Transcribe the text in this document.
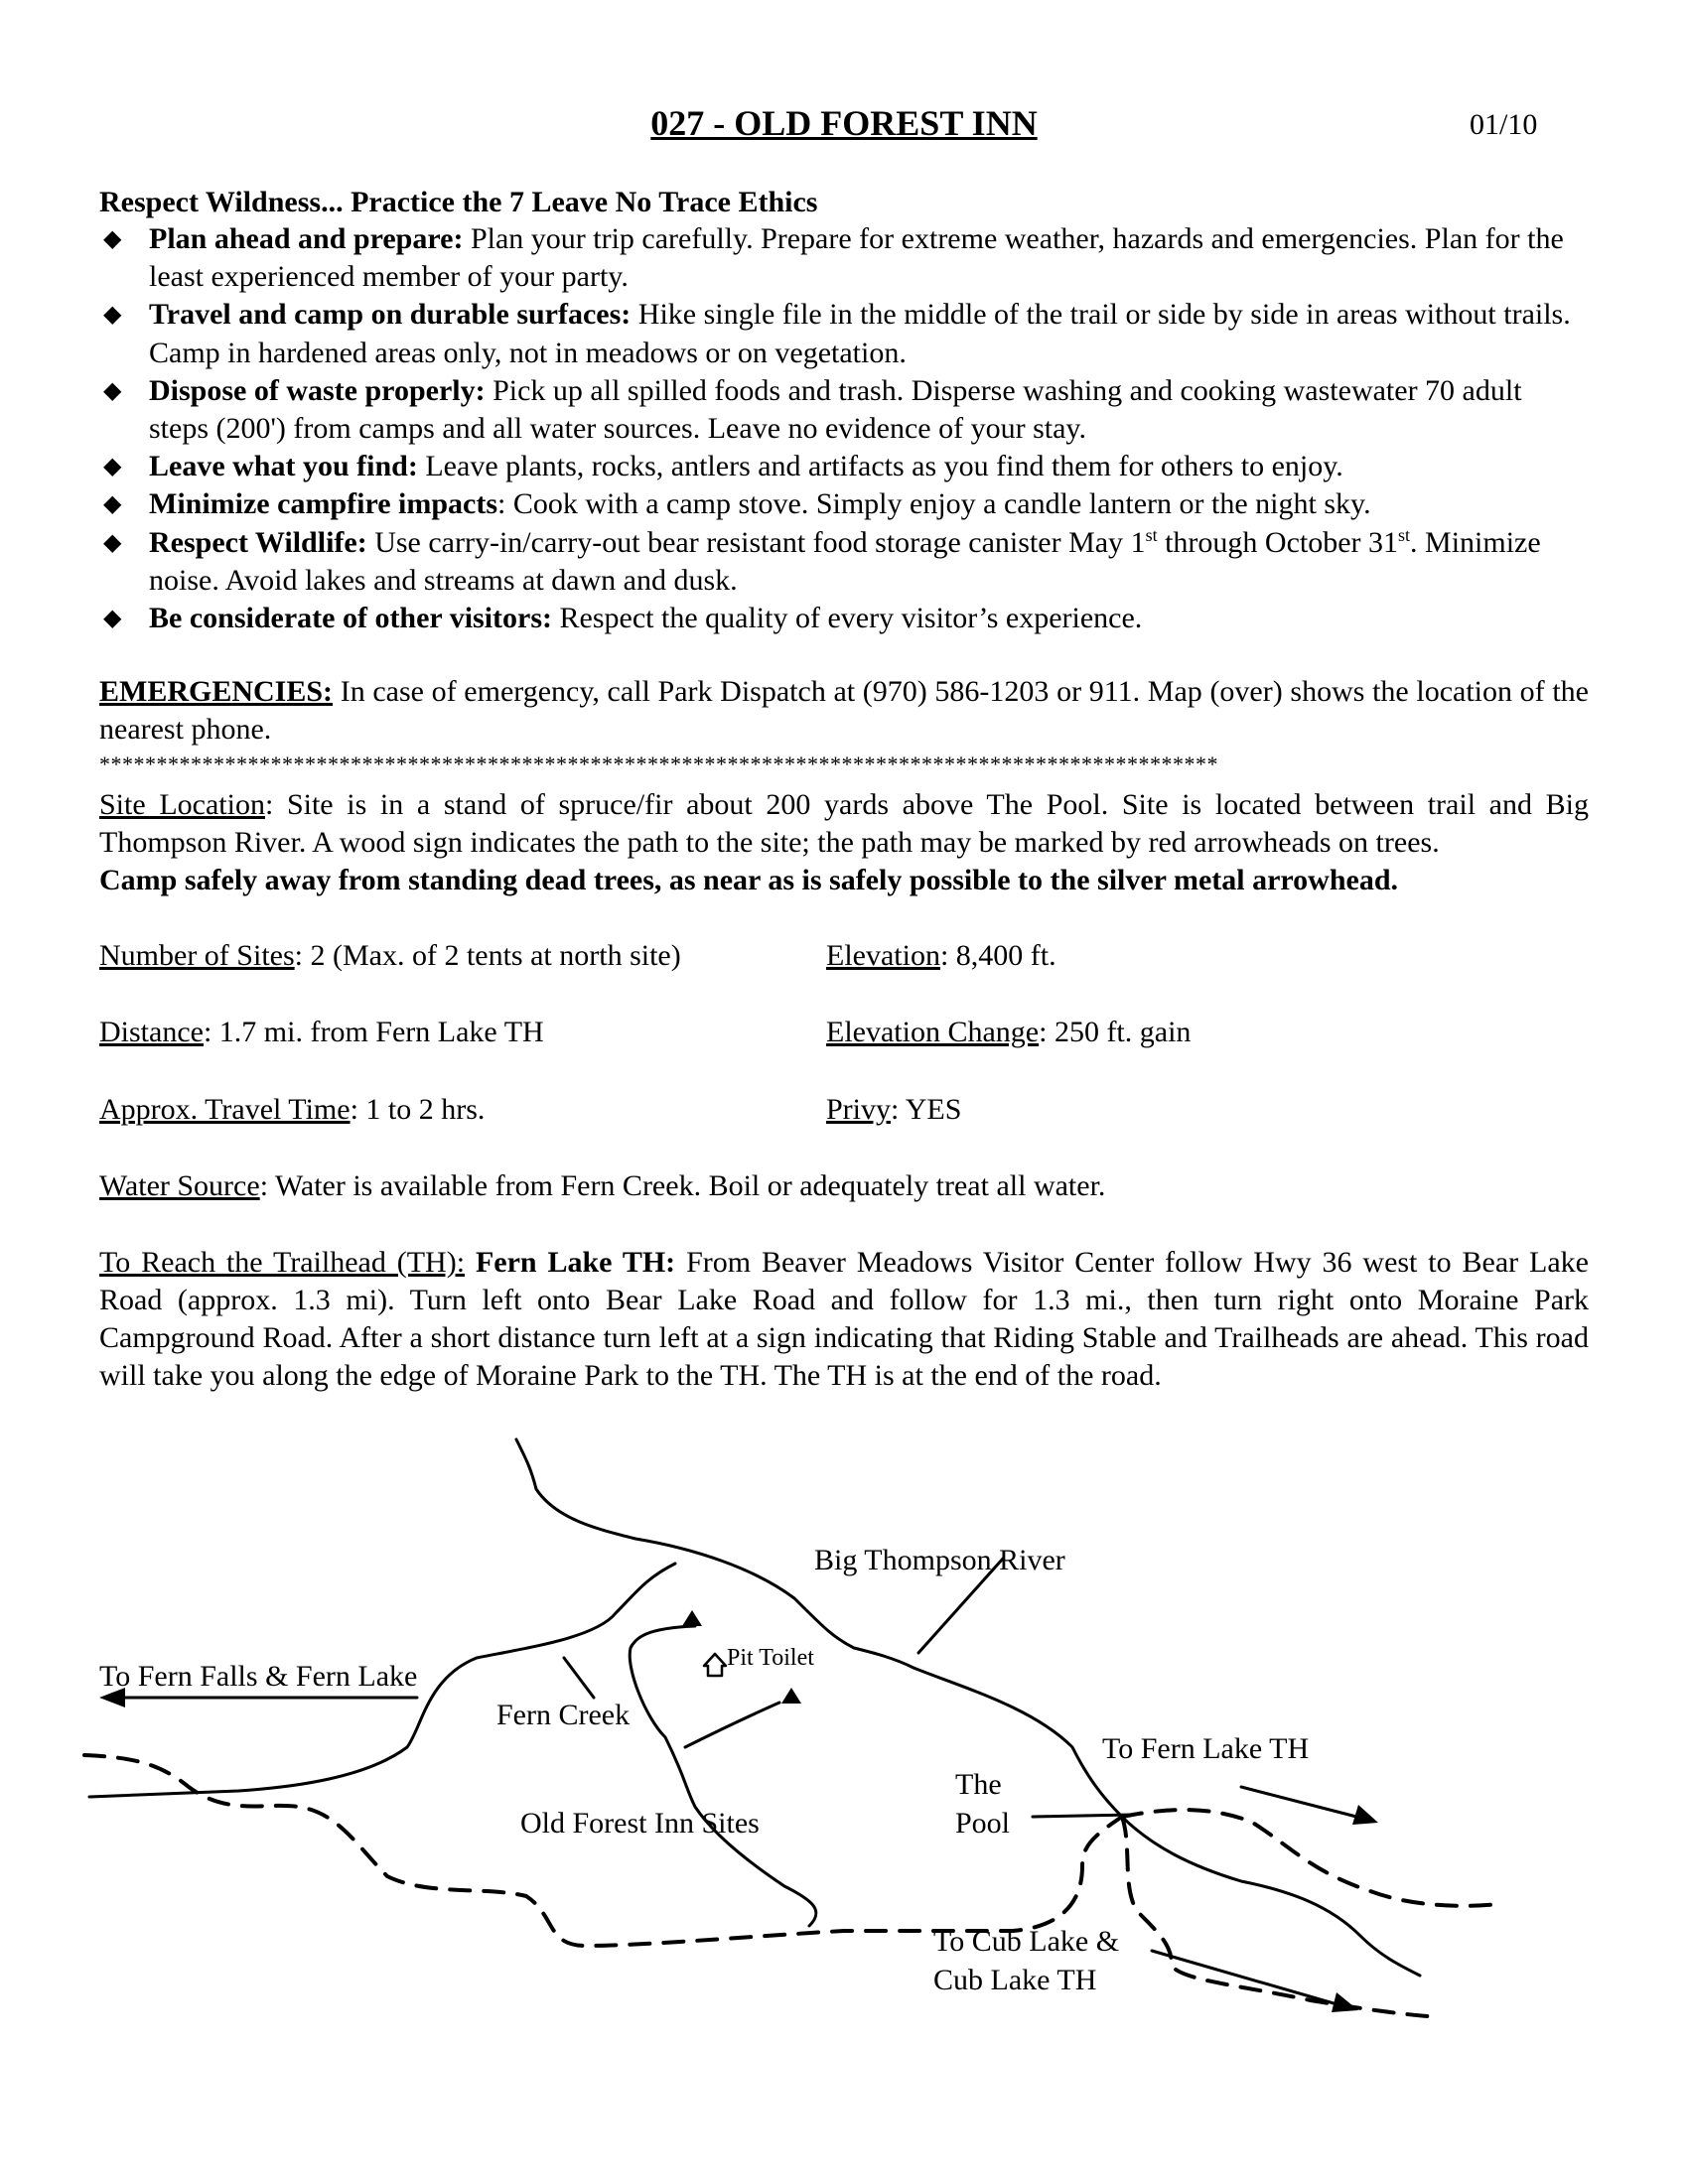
027 - OLD FOREST INN	01/10
Respect Wildness... Practice the 7 Leave No Trace Ethics
◆ Plan ahead and prepare: Plan your trip carefully. Prepare for extreme weather, hazards and emergencies. Plan for the least experienced member of your party.
◆ Travel and camp on durable surfaces: Hike single file in the middle of the trail or side by side in areas without trails. Camp in hardened areas only, not in meadows or on vegetation.
◆ Dispose of waste properly: Pick up all spilled foods and trash. Disperse washing and cooking wastewater 70 adult steps (200') from camps and all water sources. Leave no evidence of your stay.
◆ Leave what you find: Leave plants, rocks, antlers and artifacts as you find them for others to enjoy.
◆ Minimize campfire impacts: Cook with a camp stove. Simply enjoy a candle lantern or the night sky.
◆ Respect Wildlife: Use carry-in/carry-out bear resistant food storage canister May 1st through October 31st. Minimize noise. Avoid lakes and streams at dawn and dusk.
◆ Be considerate of other visitors: Respect the quality of every visitor’s experience.
EMERGENCIES: In case of emergency, call Park Dispatch at (970) 586-1203 or 911. Map (over) shows the location of the nearest phone.
**************************************************************************************************
Site Location: Site is in a stand of spruce/fir about 200 yards above The Pool. Site is located between trail and Big Thompson River. A wood sign indicates the path to the site; the path may be marked by red arrowheads on trees.
Camp safely away from standing dead trees, as near as is safely possible to the silver metal arrowhead.
Number of Sites: 2 (Max. of 2 tents at north site)	Elevation: 8,400 ft.
Distance: 1.7 mi. from Fern Lake TH	Elevation Change: 250 ft. gain
Approx. Travel Time: 1 to 2 hrs.	Privy: YES
Water Source: Water is available from Fern Creek. Boil or adequately treat all water.
To Reach the Trailhead (TH): Fern Lake TH: From Beaver Meadows Visitor Center follow Hwy 36 west to Bear Lake Road (approx. 1.3 mi). Turn left onto Bear Lake Road and follow for 1.3 mi., then turn right onto Moraine Park Campground Road. After a short distance turn left at a sign indicating that Riding Stable and Trailheads are ahead. This road will take you along the edge of Moraine Park to the TH. The TH is at the end of the road.
Big Thompson River
Pit Toilet
To Fern Falls & Fern Lake
Fern Creek
To Fern Lake TH
The
Pool
Old Forest Inn Sites
To Cub Lake &
Cub Lake TH
